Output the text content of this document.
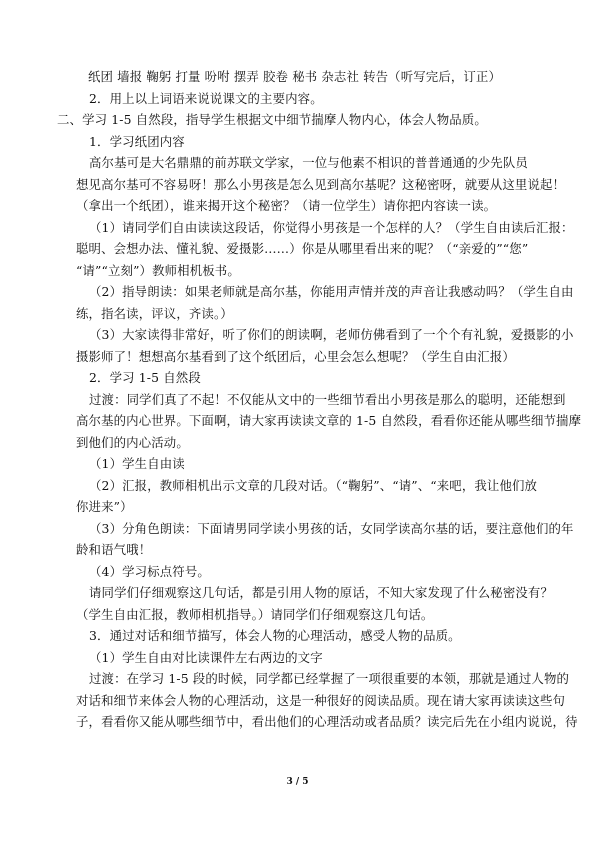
纸团 墙报 鞠躬 打量 吩咐 摆弄 胶卷 秘书 杂志社 转告（听写完后，订正）
2．用上以上词语来说说课文的主要内容。
二、学习 1-5 自然段，指导学生根据文中细节揣摩人物内心，体会人物品质。
1．学习纸团内容
高尔基可是大名鼎鼎的前苏联文学家，一位与他素不相识的普普通通的少先队员
想见高尔基可不容易呀！那么小男孩是怎么见到高尔基呢？这秘密呀，就要从这里说起！
（拿出一个纸团），谁来揭开这个秘密？（请一位学生）请你把内容读一读。
（1）请同学们自由读读这段话，你觉得小男孩是一个怎样的人？（学生自由读后汇报：
聪明、会想办法、懂礼貌、爱摄影……）你是从哪里看出来的呢？（“亲爱的”“您”
“请”“立刻”）教师相机板书。
（2）指导朗读：如果老师就是高尔基，你能用声情并茂的声音让我感动吗？（学生自由
练，指名读，评议，齐读。）
（3）大家读得非常好，听了你们的朗读啊，老师仿佛看到了一个个有礼貌，爱摄影的小
摄影师了！想想高尔基看到了这个纸团后，心里会怎么想呢？（学生自由汇报）
2．学习 1-5 自然段
过渡：同学们真了不起！不仅能从文中的一些细节看出小男孩是那么的聪明，还能想到
高尔基的内心世界。下面啊，请大家再读读文章的 1-5 自然段，看看你还能从哪些细节揣摩
到他们的内心活动。
（1）学生自由读
（2）汇报，教师相机出示文章的几段对话。（“鞠躬”、“请”、“来吧，我让他们放
你进来”）
（3）分角色朗读：下面请男同学读小男孩的话，女同学读高尔基的话，要注意他们的年
龄和语气哦！
（4）学习标点符号。
请同学们仔细观察这几句话，都是引用人物的原话，不知大家发现了什么秘密没有？
（学生自由汇报，教师相机指导。）请同学们仔细观察这几句话。
3．通过对话和细节描写，体会人物的心理活动，感受人物的品质。
（1）学生自由对比读课件左右两边的文字
过渡：在学习 1-5 段的时候，同学都已经掌握了一项很重要的本领，那就是通过人物的
对话和细节来体会人物的心理活动，这是一种很好的阅读品质。现在请大家再读读这些句
子，看看你又能从哪些细节中，看出他们的心理活动或者品质？读完后先在小组内说说，待
3 / 5
